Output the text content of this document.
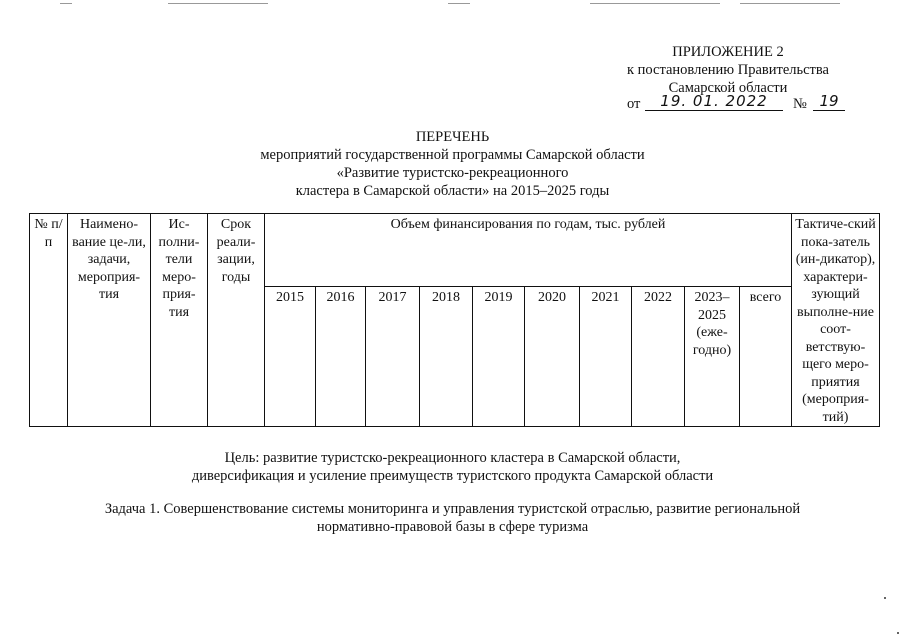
ПРИЛОЖЕНИЕ 2
к постановлению Правительства
Самарской области
от	19. 01. 2022	№ 19
ПЕРЕЧЕНЬ
мероприятий государственной программы Самарской области
«Развитие туристско-рекреационного
кластера в Самарской области» на 2015–2025 годы
№ п/п	Наимено-вание це-ли, задачи, мероприя-тия	Ис-полни-тели меро-прия-тия	Срок реали-зации, годы	Объем финансирования по годам, тыс. рублей										Тактиче-ский пока-затель (ин-дикатор), характери-зующий выполне-ние соот-ветствую-щего меро-приятия (мероприя-тий)
				2015	2016	2017	2018	2019	2020	2021	2022	2023–2025 (еже-годно)	всего	
Цель: развитие туристско-рекреационного кластера в Самарской области,
диверсификация и усиление преимуществ туристского продукта Самарской области
Задача 1. Совершенствование системы мониторинга и управления туристской отраслью, развитие региональной
нормативно-правовой базы в сфере туризма
